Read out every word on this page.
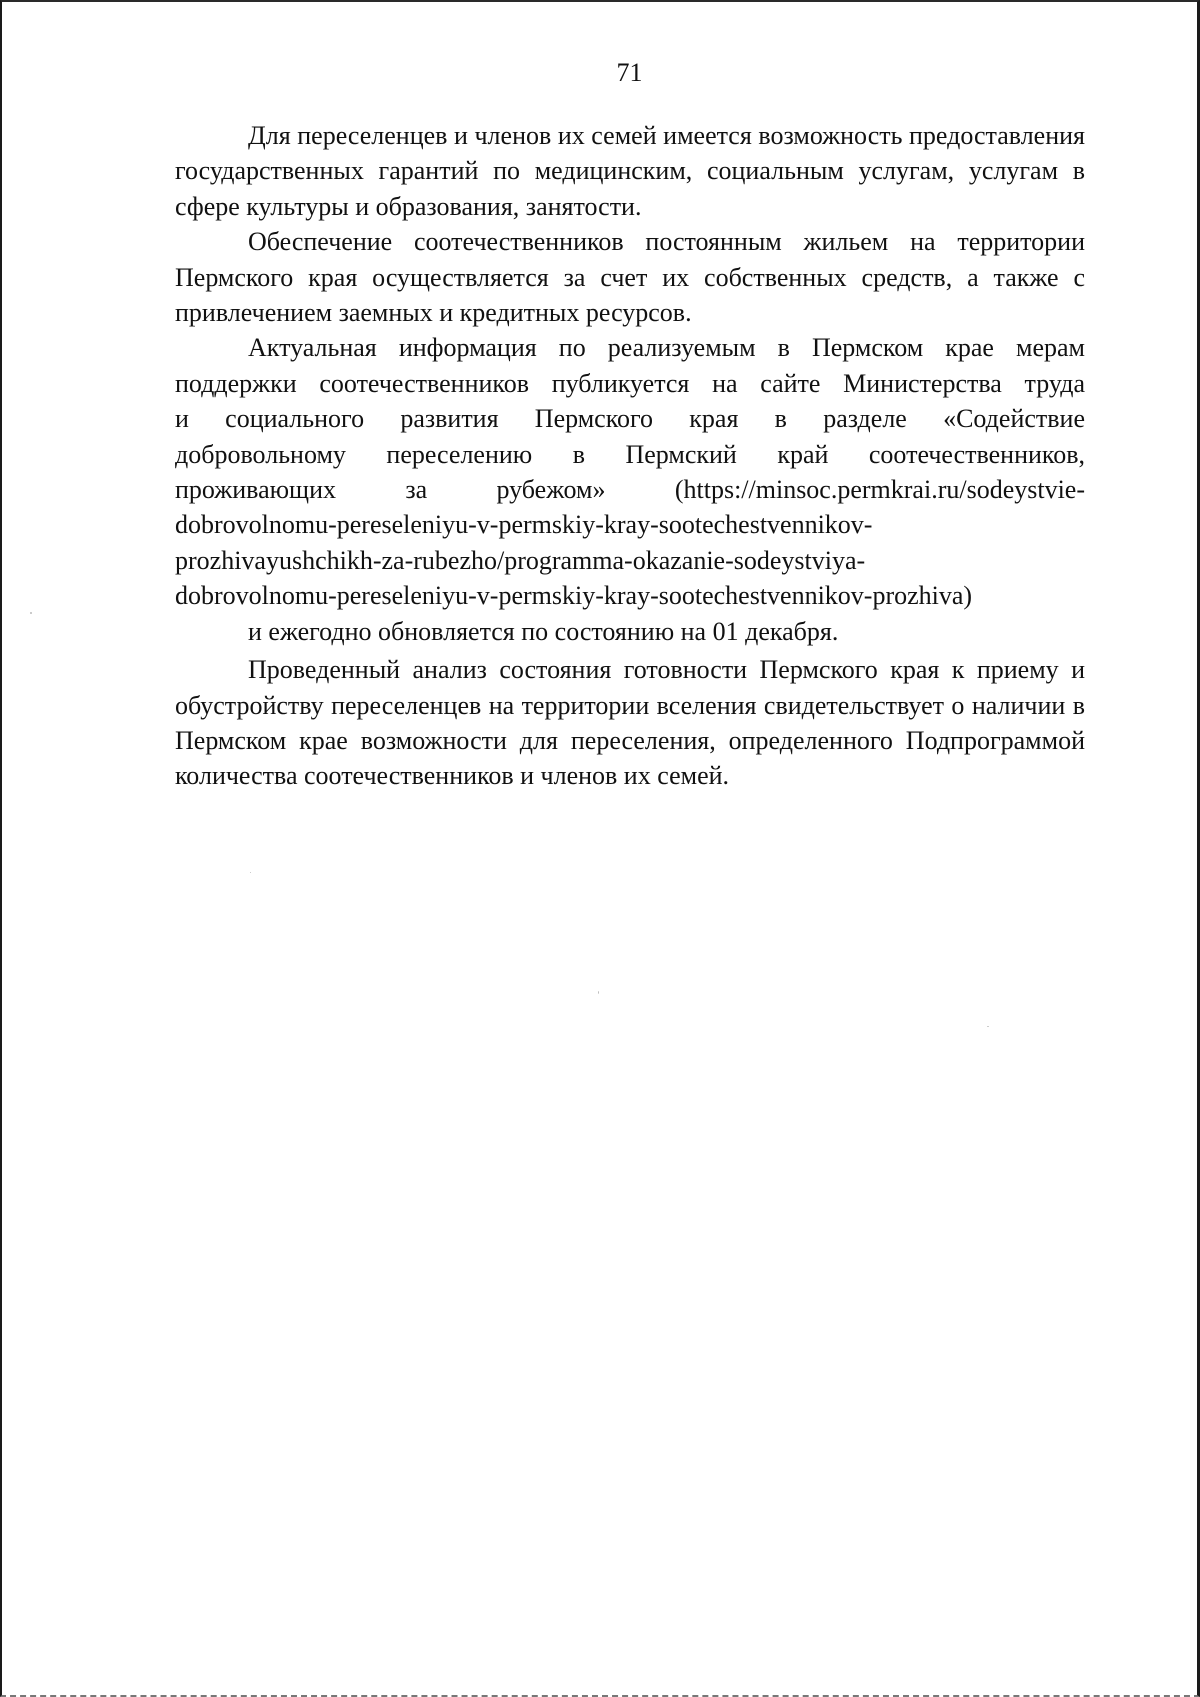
71

Для переселенцев и членов их семей имеется возможность предоставления государственных гарантий по медицинским, социальным услугам, услугам в сфере культуры и образования, занятости.

Обеспечение соотечественников постоянным жильем на территории Пермского края осуществляется за счет их собственных средств, а также с привлечением заемных и кредитных ресурсов.

Актуальная информация по реализуемым в Пермском крае мерам
поддержки соотечественников публикуется на сайте Министерства труда
и социального развития Пермского края в разделе «Содействие
добровольному переселению в Пермский край соотечественников,
проживающих за рубежом» (https://minsoc.permkrai.ru/sodeystvie-
dobrovolnomu-pereseleniyu-v-permskiy-kray-sootechestvennikov-
prozhivayushchikh-za-rubezho/programma-okazanie-sodeystviya-
dobrovolnomu-pereseleniyu-v-permskiy-kray-sootechestvennikov-prozhiva)
и ежегодно обновляется по состоянию на 01 декабря.

Проведенный анализ состояния готовности Пермского края к приему и обустройству переселенцев на территории вселения свидетельствует о наличии в Пермском крае возможности для переселения, определенного Подпрограммой количества соотечественников и членов их семей.
